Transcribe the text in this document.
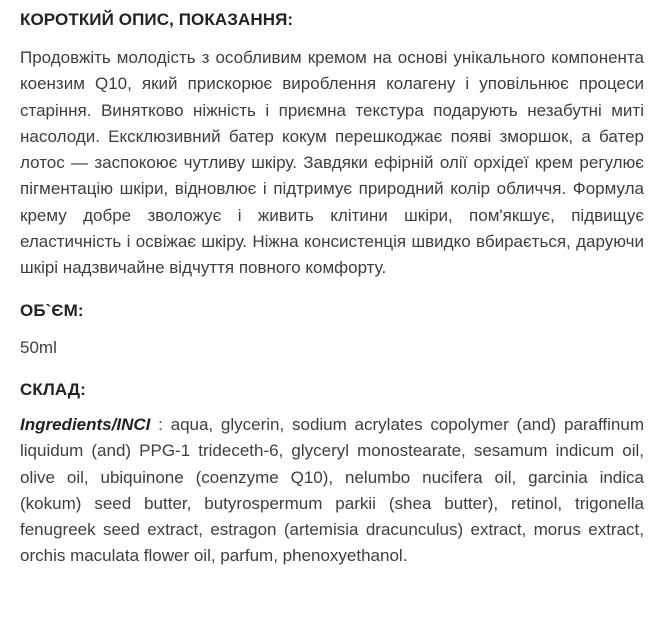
КОРОТКИЙ ОПИС, ПОКАЗАННЯ:

Продовжіть молодість з особливим кремом на основі унікального компонента коензим Q10, який прискорює вироблення колагену і уповільнює процеси старіння. Винятково ніжність і приємна текстура подарують незабутні миті насолоди. Ексклюзивний батер кокум перешкоджає появі зморшок, а батер лотос — заспокоює чутливу шкіру. Завдяки ефірній олії орхідеї крем регулює пігментацію шкіри, відновлює і підтримує природний колір обличчя. Формула крему добре зволожує і живить клітини шкіри, пом'якшує, підвищує еластичність і освіжає шкіру. Ніжна консистенція швидко вбирається, даруючи шкірі надзвичайне відчуття повного комфорту.

ОБ`ЄМ:

50ml

СКЛАД:

Ingredients/INCI : aqua, glycerin, sodium acrylates copolymer (and) paraffinum liquidum (and) PPG-1 trideceth-6, glyceryl monostearate, sesamum indicum oil, olive oil, ubiquinone (coenzyme Q10), nelumbo nucifera oil, garcinia indica (kokum) seed butter, butyrospermum parkii (shea butter), retinol, trigonella fenugreek seed extract, estragon (artemisia dracunculus) extract, morus extract, orchis maculata flower oil, parfum, phenoxyethanol.
